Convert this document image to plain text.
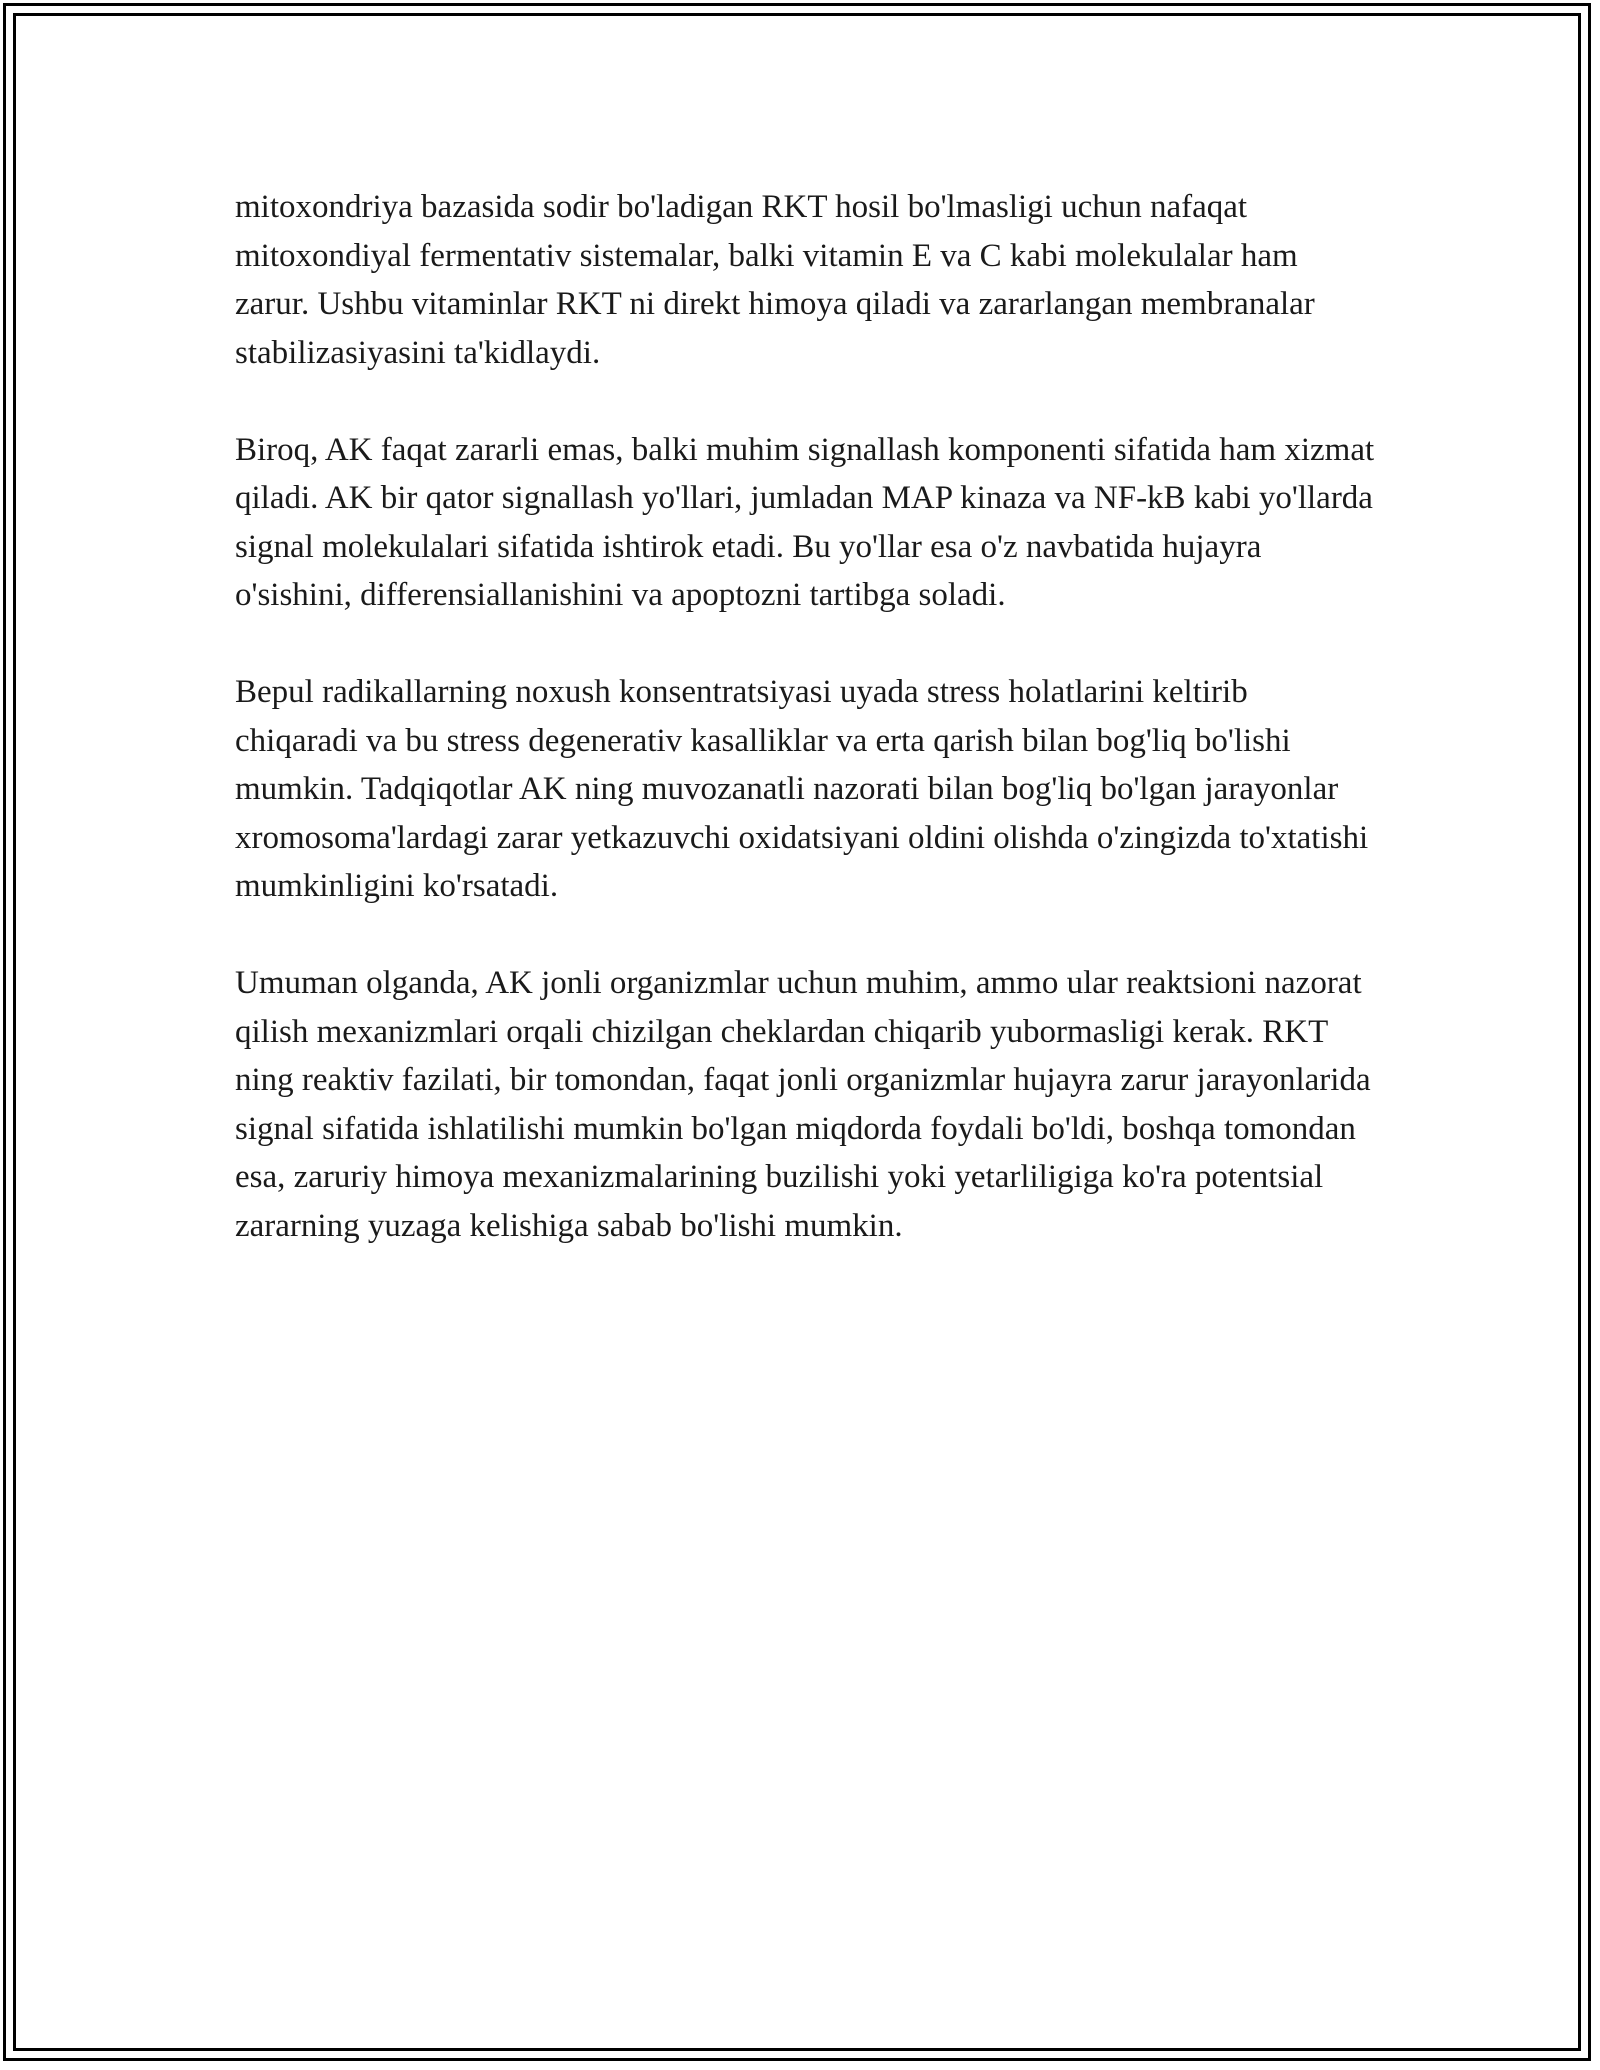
mitoxondriya bazasida sodir bo'ladigan RKT hosil bo'lmasligi uchun nafaqat mitoxondiyal fermentativ sistemalar, balki vitamin E va C kabi molekulalar ham zarur. Ushbu vitaminlar RKT ni direkt himoya qiladi va zararlangan membranalar stabilizasiyasini ta'kidlaydi.

Biroq, AK faqat zararli emas, balki muhim signallash komponenti sifatida ham xizmat qiladi. AK bir qator signallash yo'llari, jumladan MAP kinaza va NF-kB kabi yo'llarda signal molekulalari sifatida ishtirok etadi. Bu yo'llar esa o'z navbatida hujayra o'sishini, differensiallanishini va apoptozni tartibga soladi.

Bepul radikallarning noxush konsentratsiyasi uyada stress holatlarini keltirib chiqaradi va bu stress degenerativ kasalliklar va erta qarish bilan bog'liq bo'lishi mumkin. Tadqiqotlar AK ning muvozanatli nazorati bilan bog'liq bo'lgan jarayonlar xromosoma'lardagi zarar yetkazuvchi oxidatsiyani oldini olishda o'zingizda to'xtatishi mumkinligini ko'rsatadi.

Umuman olganda, AK jonli organizmlar uchun muhim, ammo ular reaktsioni nazorat qilish mexanizmlari orqali chizilgan cheklardan chiqarib yubormasligi kerak. RKT ning reaktiv fazilati, bir tomondan, faqat jonli organizmlar hujayra zarur jarayonlarida signal sifatida ishlatilishi mumkin bo'lgan miqdorda foydali bo'ldi, boshqa tomondan esa, zaruriy himoya mexanizmalarining buzilishi yoki yetarliligiga ko'ra potentsial zararning yuzaga kelishiga sabab bo'lishi mumkin.
